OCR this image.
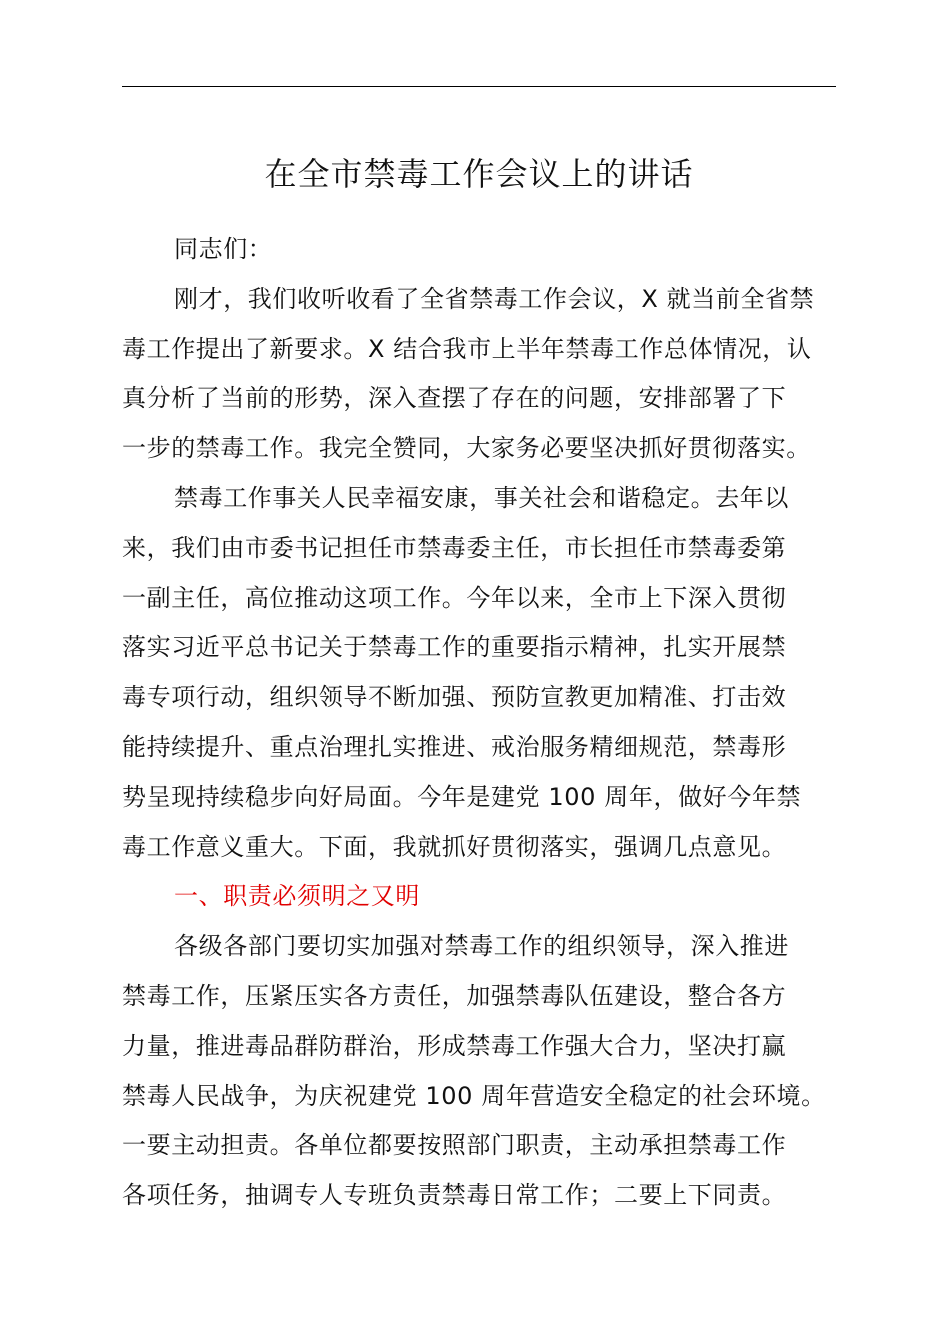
在全市禁毒工作会议上的讲话
同志们：
刚才，我们收听收看了全省禁毒工作会议，X 就当前全省禁
毒工作提出了新要求。X 结合我市上半年禁毒工作总体情况，认
真分析了当前的形势，深入查摆了存在的问题，安排部署了下
一步的禁毒工作。我完全赞同，大家务必要坚决抓好贯彻落实。
禁毒工作事关人民幸福安康，事关社会和谐稳定。去年以
来，我们由市委书记担任市禁毒委主任，市长担任市禁毒委第
一副主任，高位推动这项工作。今年以来，全市上下深入贯彻
落实习近平总书记关于禁毒工作的重要指示精神，扎实开展禁
毒专项行动，组织领导不断加强、预防宣教更加精准、打击效
能持续提升、重点治理扎实推进、戒治服务精细规范，禁毒形
势呈现持续稳步向好局面。今年是建党 100 周年，做好今年禁
毒工作意义重大。下面，我就抓好贯彻落实，强调几点意见。
一、职责必须明之又明
各级各部门要切实加强对禁毒工作的组织领导，深入推进
禁毒工作，压紧压实各方责任，加强禁毒队伍建设，整合各方
力量，推进毒品群防群治，形成禁毒工作强大合力，坚决打赢
禁毒人民战争，为庆祝建党 100 周年营造安全稳定的社会环境。
一要主动担责。各单位都要按照部门职责，主动承担禁毒工作
各项任务，抽调专人专班负责禁毒日常工作；二要上下同责。
